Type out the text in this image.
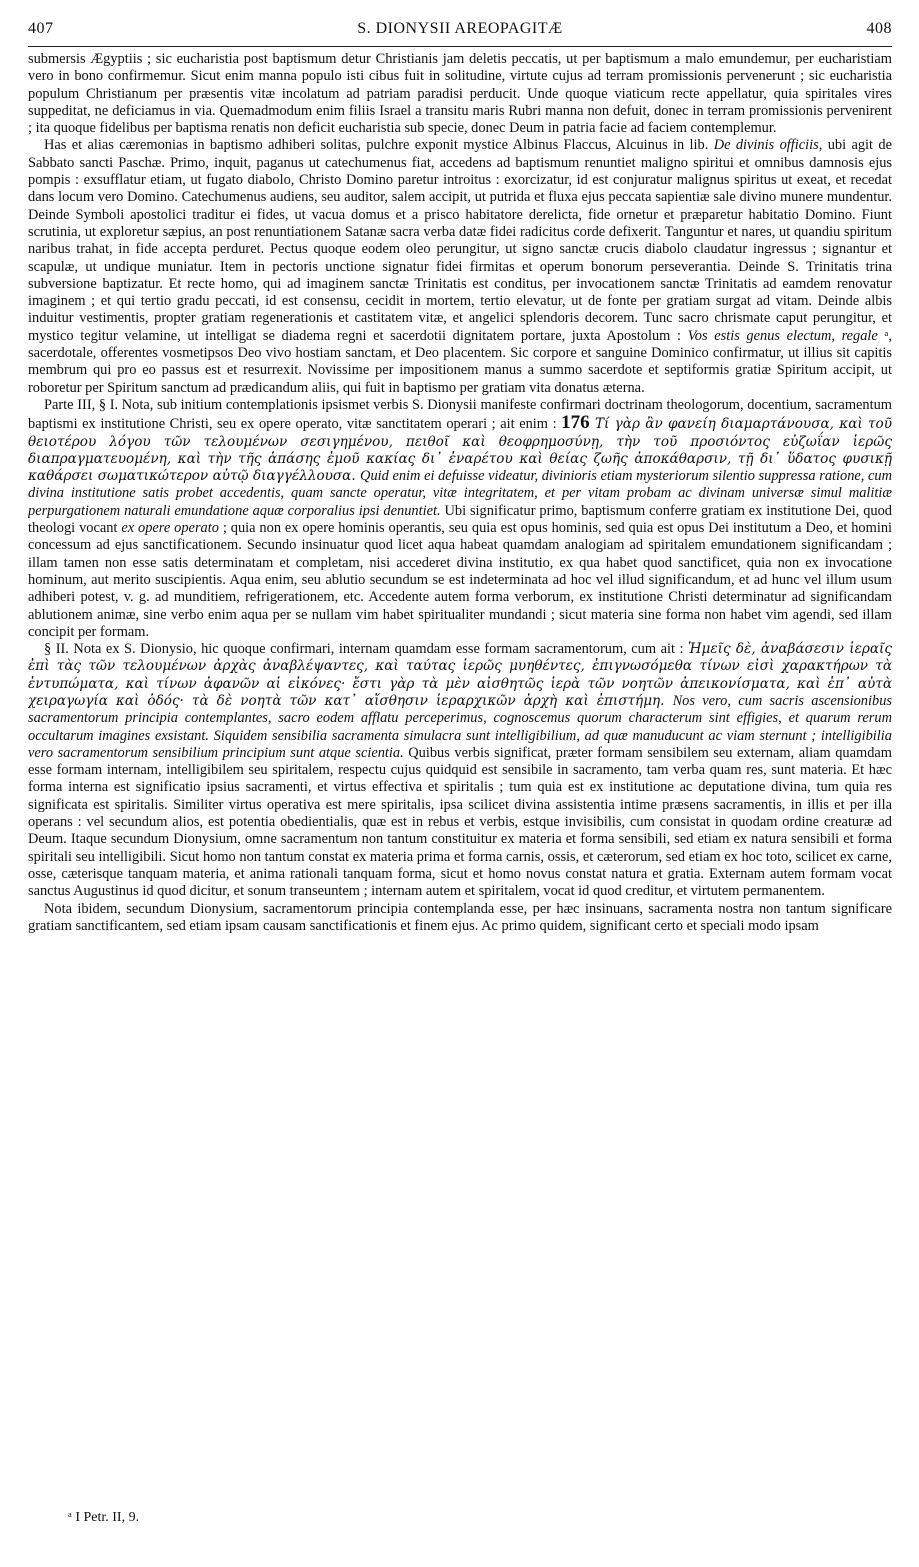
407	S. DIONYSII AREOPAGITÆ	408

submersis Ægyptiis ; sic eucharistia post baptismum detur Christianis jam deletis peccatis, ut per baptismum a malo emundemur, per eucharistiam vero in bono confirmemur. Sicut enim manna populo isti cibus fuit in solitudine, virtute cujus ad terram promissionis pervenerunt ; sic eucharistia populum Christianum per præsentis vitæ incolatum ad patriam paradisi perducit. Unde quoque viaticum recte appellatur, quia spiritales vires suppeditat, ne deficiamus in via. Quemadmodum enim filiis Israel a transitu maris Rubri manna non defuit, donec in terram promissionis pervenirent ; ita quoque fidelibus per baptisma renatis non deficit eucharistia sub specie, donec Deum in patria facie ad faciem contemplemur.

Has et alias cæremonias in baptismo adhiberi solitas, pulchre exponit mystice Albinus Flaccus, Alcuinus in lib. De divinis officiis, ubi agit de Sabbato sancti Paschæ. Primo, inquit, paganus ut catechumenus fiat, accedens ad baptismum renuntiet maligno spiritui et omnibus damnosis ejus pompis : exsufflatur etiam, ut fugato diabolo, Christo Domino paretur introitus : exorcizatur, id est conjuratur malignus spiritus ut exeat, et recedat dans locum vero Domino. Catechumenus audiens, seu auditor, salem accipit, ut putrida et fluxa ejus peccata sapientiæ sale divino munere mundentur. Deinde Symboli apostolici traditur ei fides, ut vacua domus et a prisco habitatore derelicta, fide ornetur et præparetur habitatio Domino. Fiunt scrutinia, ut exploretur sæpius, an post renuntiationem Satanæ sacra verba datæ fidei radicitus corde defixerit. Tanguntur et nares, ut quandiu spiritum naribus trahat, in fide accepta perduret. Pectus quoque eodem oleo perungitur, ut signo sanctæ crucis diabolo claudatur ingressus ; signantur et scapulæ, ut undique muniatur. Item in pectoris unctione signatur fidei firmitas et operum bonorum perseverantia. Deinde S. Trinitatis trina subversione baptizatur. Et recte homo, qui ad imaginem sanctæ Trinitatis est conditus, per invocationem sanctæ Trinitatis ad eamdem renovatur imaginem ; et qui tertio gradu peccati, id est consensu, cecidit in mortem, tertio elevatur, ut de fonte per gratiam surgat ad vitam. Deinde albis induitur vestimentis, propter gratiam regenerationis et castitatem vitæ, et angelici splendoris decorem. Tunc sacro chrismate caput perungitur, et mystico tegitur velamine, ut intelligat se diadema regni et sacerdotii dignitatem portare, juxta Apostolum : Vos estis genus electum, regale ᵃ, sacerdotale, offerentes vosmetipsos Deo vivo hostiam sanctam, et Deo placentem. Sic corpore et sanguine Dominico confirmatur, ut illius sit capitis membrum qui pro eo passus est et resurrexit. Novissime per impositionem manus a summo sacerdote et septiformis gratiæ Spiritum accipit, ut roboretur per Spiritum sanctum ad prædicandum aliis, qui fuit in baptismo per gratiam vita donatus æterna.

Parte III, § I. Nota, sub initium contemplationis ipsismet verbis S. Dionysii manifeste confirmari doctrinam theologorum, docentium, sacramentum baptismi ex institutione Christi, seu ex opere operato, vitæ sanctitatem operari ; ait enim : 176 Τί γὰρ ἂν φανείη διαμαρτάνουσα, καὶ τοῦ θειοτέρου λόγου τῶν τελουμένων σεσιγημένου, πειθοῖ καὶ θεοφρημοσύνῃ, τὴν τοῦ προσιόντος εὐζωΐαν ἱερῶς διαπραγματευομένη, καὶ τὴν τῆς ἁπάσης ἐμοῦ κακίας δι᾽ ἐναρέτου καὶ θείας ζωῆς ἀποκάθαρσιν, τῇ δι᾽ ὕδατος φυσικῇ καθάρσει σωματικώτερον αὐτῷ διαγγέλλουσα. Quid enim ei defuisse videatur, divinioris etiam mysteriorum silentio suppressa ratione, cum divina institutione satis probet accedentis, quam sancte operatur, vitæ integritatem, et per vitam probam ac divinam universæ simul malitiæ perpurgationem naturali emundatione aquæ corporalius ipsi denuntiet. Ubi significatur primo, baptismum conferre gratiam ex institutione Dei, quod theologi vocant ex opere operato ; quia non ex opere hominis operantis, seu quia est opus hominis, sed quia est opus Dei institutum a Deo, et homini concessum ad ejus sanctificationem. Secundo insinuatur quod licet aqua habeat quamdam analogiam ad spiritalem emundationem significandam ; illam tamen non esse satis determinatam et completam, nisi accederet divina institutio, ex qua habet quod sanctificet, quia non ex invocatione hominum, aut merito suscipientis. Aqua enim, seu ablutio secundum se est indeterminata ad hoc vel illud significandum, et ad hunc vel illum usum adhiberi potest, v. g. ad munditiem, refrigerationem, etc. Accedente autem forma verborum, ex institutione Christi determinatur ad significandam ablutionem animæ, sine verbo enim aqua per se nullam vim habet spiritualiter mundandi ; sicut materia sine forma non habet vim agendi, sed illam concipit per formam.

§ II. Nota ex S. Dionysio, hic quoque confirmari, internam quamdam esse formam sacramentorum, cum ait : Ἡμεῖς δὲ, ἀναβάσεσιν ἱεραῖς ἐπὶ τὰς τῶν τελουμένων ἀρχὰς ἀναβλέψαντες, καὶ ταύτας ἱερῶς μυηθέντες, ἐπιγνωσόμεθα τίνων εἰσὶ χαρακτήρων τὰ ἐντυπώματα, καὶ τίνων ἀφανῶν αἱ εἰκόνες· ἔστι γὰρ τὰ μὲν αἰσθητῶς ἱερὰ τῶν νοητῶν ἀπεικονίσματα, καὶ ἐπ᾽ αὐτὰ χειραγωγία καὶ ὁδός· τὰ δὲ νοητὰ τῶν κατ᾽ αἴσθησιν ἱεραρχικῶν ἀρχὴ καὶ ἐπιστήμη. Nos vero, cum sacris ascensionibus sacramentorum principia contemplantes, sacro eodem afflatu perceperimus, cognoscemus quorum characterum sint effigies, et quarum rerum occultarum imagines exsistant. Siquidem sensibilia sacramenta simulacra sunt intelligibilium, ad quæ manuducunt ac viam sternunt ; intelligibilia vero sacramentorum sensibilium principium sunt atque scientia. Quibus verbis significat, præter formam sensibilem seu externam, aliam quamdam esse formam internam, intelligibilem seu spiritalem, respectu cujus quidquid est sensibile in sacramento, tam verba quam res, sunt materia. Et hæc forma interna est significatio ipsius sacramenti, et virtus effectiva et spiritalis ; tum quia est ex institutione ac deputatione divina, tum quia res significata est spiritalis. Similiter virtus operativa est mere spiritalis, ipsa scilicet divina assistentia intime præsens sacramentis, in illis et per illa operans : vel secundum alios, est potentia obedientialis, quæ est in rebus et verbis, estque invisibilis, cum consistat in quodam ordine creaturæ ad Deum. Itaque secundum Dionysium, omne sacramentum non tantum constituitur ex materia et forma sensibili, sed etiam ex natura sensibili et forma spiritali seu intelligibili. Sicut homo non tantum constat ex materia prima et forma carnis, ossis, et cæterorum, sed etiam ex hoc toto, scilicet ex carne, osse, cæterisque tanquam materia, et anima rationali tanquam forma, sicut et homo novus constat natura et gratia. Externam autem formam vocat sanctus Augustinus id quod dicitur, et sonum transeuntem ; internam autem et spiritalem, vocat id quod creditur, et virtutem permanentem.

Nota ibidem, secundum Dionysium, sacramentorum principia contemplanda esse, per hæc insinuans, sacramenta nostra non tantum significare gratiam sanctificantem, sed etiam ipsam causam sanctificationis et finem ejus. Ac primo quidem, significant certo et speciali modo ipsam

ᵃ I Petr. II, 9.
